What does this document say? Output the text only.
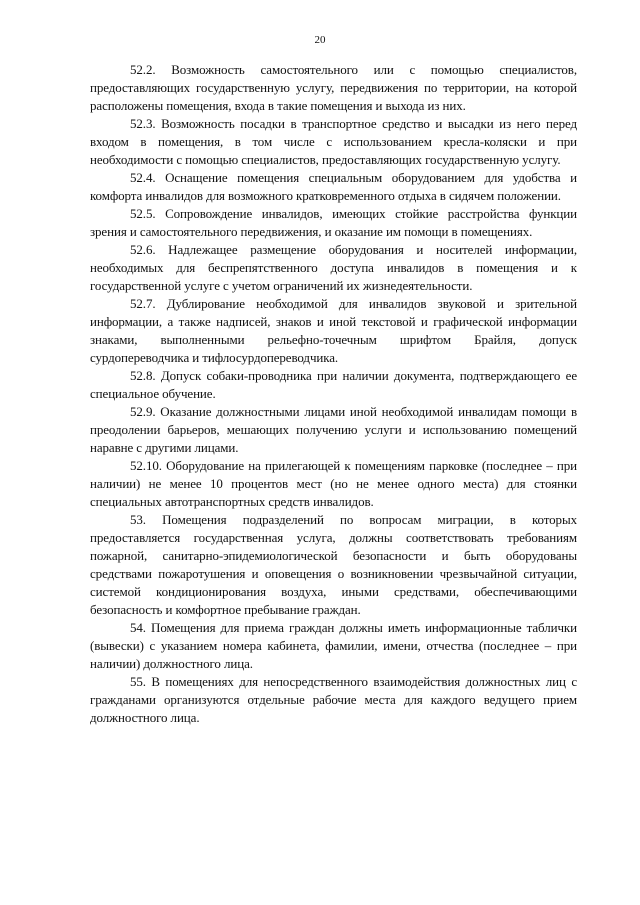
20

52.2. Возможность самостоятельного или с помощью специалистов, предоставляющих государственную услугу, передвижения по территории, на которой расположены помещения, входа в такие помещения и выхода из них.

52.3. Возможность посадки в транспортное средство и высадки из него перед входом в помещения, в том числе с использованием кресла-коляски и при необходимости с помощью специалистов, предоставляющих государственную услугу.

52.4. Оснащение помещения специальным оборудованием для удобства и комфорта инвалидов для возможного кратковременного отдыха в сидячем положении.

52.5. Сопровождение инвалидов, имеющих стойкие расстройства функции зрения и самостоятельного передвижения, и оказание им помощи в помещениях.

52.6. Надлежащее размещение оборудования и носителей информации, необходимых для беспрепятственного доступа инвалидов в помещения и к государственной услуге с учетом ограничений их жизнедеятельности.

52.7. Дублирование необходимой для инвалидов звуковой и зрительной информации, а также надписей, знаков и иной текстовой и графической информации знаками, выполненными рельефно-точечным шрифтом Брайля, допуск сурдопереводчика и тифлосурдопереводчика.

52.8. Допуск собаки-проводника при наличии документа, подтверждающего ее специальное обучение.

52.9. Оказание должностными лицами иной необходимой инвалидам помощи в преодолении барьеров, мешающих получению услуги и использованию помещений наравне с другими лицами.

52.10. Оборудование на прилегающей к помещениям парковке (последнее – при наличии) не менее 10 процентов мест (но не менее одного места) для стоянки специальных автотранспортных средств инвалидов.

53. Помещения подразделений по вопросам миграции, в которых предоставляется государственная услуга, должны соответствовать требованиям пожарной, санитарно-эпидемиологической безопасности и быть оборудованы средствами пожаротушения и оповещения о возникновении чрезвычайной ситуации, системой кондиционирования воздуха, иными средствами, обеспечивающими безопасность и комфортное пребывание граждан.

54. Помещения для приема граждан должны иметь информационные таблички (вывески) с указанием номера кабинета, фамилии, имени, отчества (последнее – при наличии) должностного лица.

55. В помещениях для непосредственного взаимодействия должностных лиц с гражданами организуются отдельные рабочие места для каждого ведущего прием должностного лица.
